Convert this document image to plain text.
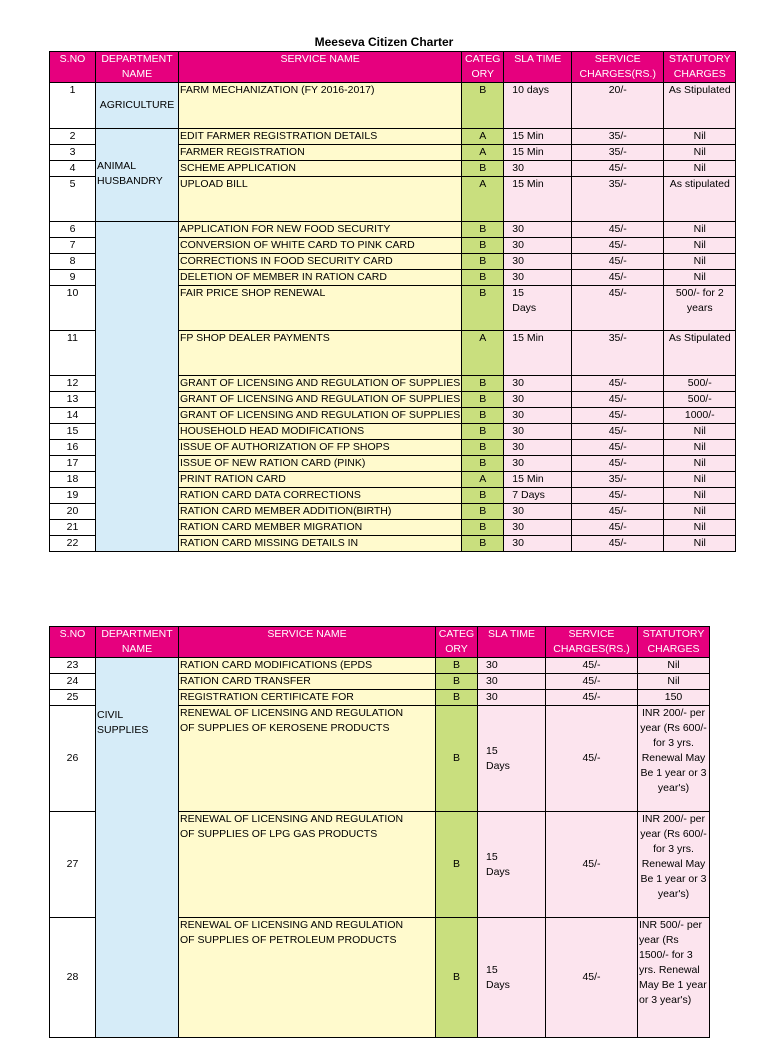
Meeseva Citizen Charter
S.NO	DEPARTMENT NAME	SERVICE NAME	CATEG ORY	SLA TIME	SERVICE CHARGES(RS.)	STATUTORY CHARGES
1	AGRICULTURE	FARM MECHANIZATION (FY 2016-2017)	B	10 days	20/-	As Stipulated
2	ANIMAL HUSBANDRY	EDIT FARMER REGISTRATION DETAILS	A	15 Min	35/-	Nil
3		FARMER REGISTRATION	A	15 Min	35/-	Nil
4		SCHEME APPLICATION	B	30	45/-	Nil
5		UPLOAD BILL	A	15 Min	35/-	As stipulated
6		APPLICATION FOR NEW FOOD SECURITY	B	30	45/-	Nil
7		CONVERSION OF WHITE CARD TO PINK CARD	B	30	45/-	Nil
8		CORRECTIONS IN FOOD SECURITY CARD	B	30	45/-	Nil
9		DELETION OF MEMBER IN RATION CARD	B	30	45/-	Nil
10		FAIR PRICE SHOP RENEWAL	B	15 Days	45/-	500/- for 2 years
11		FP SHOP DEALER PAYMENTS	A	15 Min	35/-	As Stipulated
12		GRANT OF LICENSING AND REGULATION OF SUPPLIES	B	30	45/-	500/-
13		GRANT OF LICENSING AND REGULATION OF SUPPLIES	B	30	45/-	500/-
14		GRANT OF LICENSING AND REGULATION OF SUPPLIES	B	30	45/-	1000/-
15		HOUSEHOLD HEAD MODIFICATIONS	B	30	45/-	Nil
16		ISSUE OF AUTHORIZATION OF FP SHOPS	B	30	45/-	Nil
17		ISSUE OF NEW RATION CARD (PINK)	B	30	45/-	Nil
18		PRINT RATION CARD	A	15 Min	35/-	Nil
19		RATION CARD DATA CORRECTIONS	B	7 Days	45/-	Nil
20		RATION CARD MEMBER ADDITION(BIRTH)	B	30	45/-	Nil
21		RATION CARD MEMBER MIGRATION	B	30	45/-	Nil
22		RATION CARD MISSING DETAILS IN	B	30	45/-	Nil
S.NO	DEPARTMENT NAME	SERVICE NAME	CATEG ORY	SLA TIME	SERVICE CHARGES(RS.)	STATUTORY CHARGES
23	CIVIL SUPPLIES	RATION CARD MODIFICATIONS (EPDS	B	30	45/-	Nil
24		RATION CARD TRANSFER	B	30	45/-	Nil
25		REGISTRATION CERTIFICATE FOR	B	30	45/-	150
26		RENEWAL OF LICENSING AND REGULATION OF SUPPLIES OF KEROSENE PRODUCTS	B	15 Days	45/-	INR 200/- per year (Rs 600/- for 3 yrs. Renewal May Be 1 year or 3 year's)
27		RENEWAL OF LICENSING AND REGULATION OF SUPPLIES OF LPG GAS PRODUCTS	B	15 Days	45/-	INR 200/- per year (Rs 600/- for 3 yrs. Renewal May Be 1 year or 3 year's)
28		RENEWAL OF LICENSING AND REGULATION OF SUPPLIES OF PETROLEUM PRODUCTS	B	15 Days	45/-	INR 500/- per year (Rs 1500/- for 3 yrs. Renewal May Be 1 year or 3 year's)
